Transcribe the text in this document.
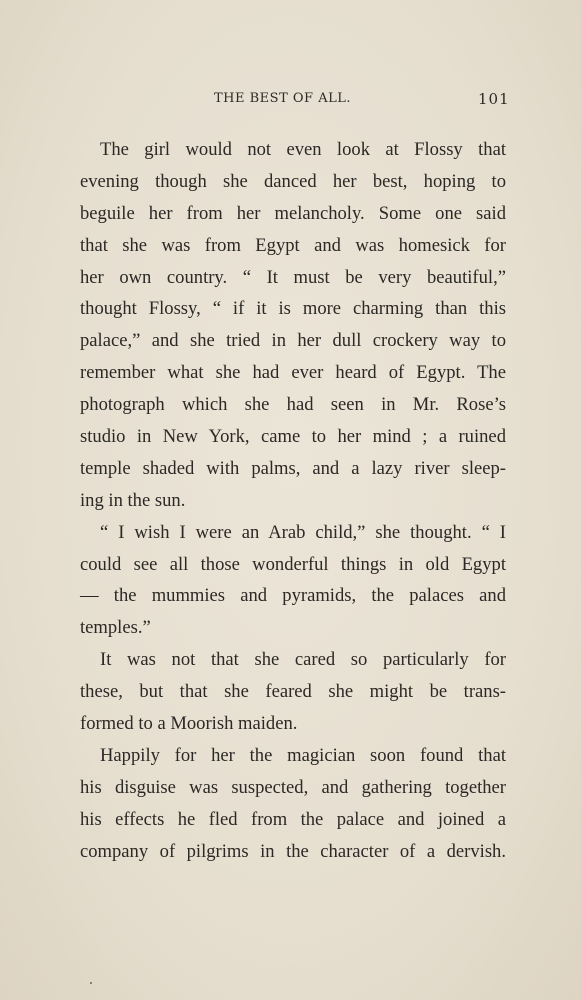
THE BEST OF ALL.	101
The girl would not even look at Flossy that
evening though she danced her best, hoping to
beguile her from her melancholy. Some one said
that she was from Egypt and was homesick for
her own country. “ It must be very beautiful,”
thought Flossy, “ if it is more charming than this
palace,” and she tried in her dull crockery way to
remember what she had ever heard of Egypt. The
photograph which she had seen in Mr. Rose’s
studio in New York, came to her mind ; a ruined
temple shaded with palms, and a lazy river sleep-
ing in the sun.
“ I wish I were an Arab child,” she thought. “ I
could see all those wonderful things in old Egypt
— the mummies and pyramids, the palaces and
temples.”
It was not that she cared so particularly for
these, but that she feared she might be trans-
formed to a Moorish maiden.
Happily for her the magician soon found that
his disguise was suspected, and gathering together
his effects he fled from the palace and joined a
company of pilgrims in the character of a dervish.
